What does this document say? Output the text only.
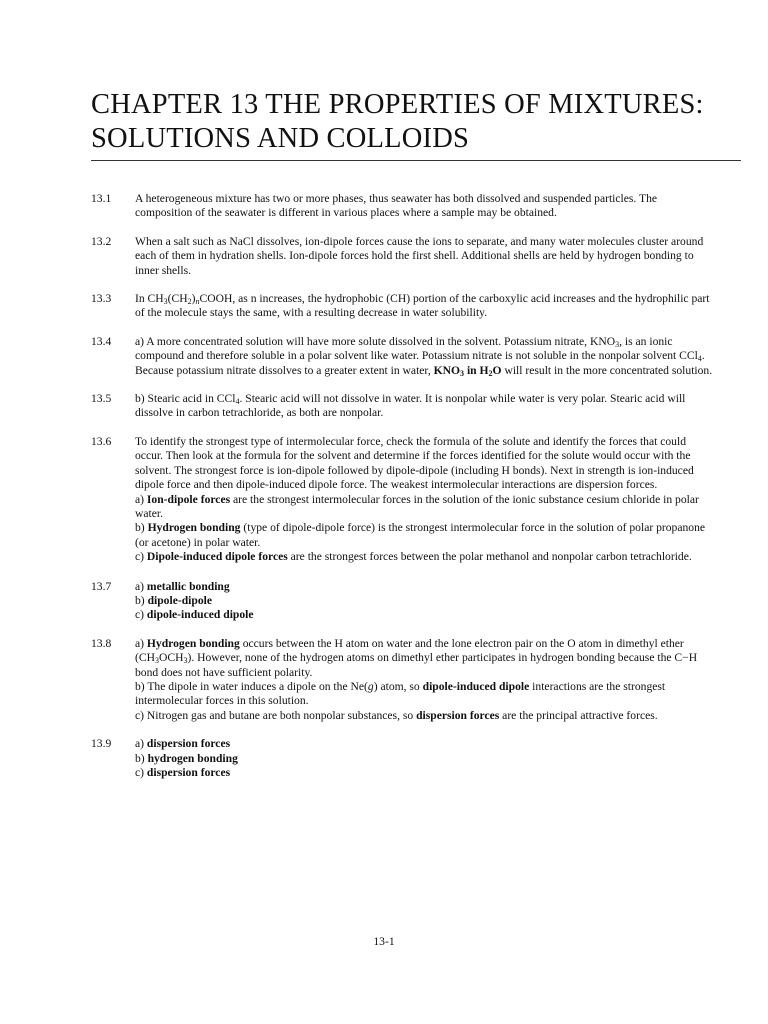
CHAPTER 13 THE PROPERTIES OF MIXTURES: SOLUTIONS AND COLLOIDS
13.1	A heterogeneous mixture has two or more phases, thus seawater has both dissolved and suspended particles. The composition of the seawater is different in various places where a sample may be obtained.

13.2	When a salt such as NaCl dissolves, ion-dipole forces cause the ions to separate, and many water molecules cluster around each of them in hydration shells. Ion-dipole forces hold the first shell. Additional shells are held by hydrogen bonding to inner shells.

13.3	In $CH_3(CH_2)_nCOOH$, as n increases, the hydrophobic (CH) portion of the carboxylic acid increases and the hydrophilic part of the molecule stays the same, with a resulting decrease in water solubility.

13.4	a) A more concentrated solution will have more solute dissolved in the solvent. Potassium nitrate, $KNO_3$, is an ionic compound and therefore soluble in a polar solvent like water. Potassium nitrate is not soluble in the nonpolar solvent CCl$_4$. Because potassium nitrate dissolves to a greater extent in water, $KNO_3$ in $H_2O$ will result in the more concentrated solution.

13.5	b) Stearic acid in CCl$_4$. Stearic acid will not dissolve in water. It is nonpolar while water is very polar. Stearic acid will dissolve in carbon tetrachloride, as both are nonpolar.

13.6	To identify the strongest type of intermolecular force, check the formula of the solute and identify the forces that could occur. Then look at the formula for the solvent and determine if the forces identified for the solute would occur with the solvent. The strongest force is ion-dipole followed by dipole-dipole (including H bonds). Next in strength is ion-induced dipole force and then dipole-induced dipole force. The weakest intermolecular interactions are dispersion forces.

a) Ion-dipole forces are the strongest intermolecular forces in the solution of the ionic substance cesium chloride in polar water.

b) Hydrogen bonding (type of dipole-dipole force) is the strongest intermolecular force in the solution of polar propanone (or acetone) in polar water.

c) Dipole-induced dipole forces are the strongest forces between the polar methanol and nonpolar carbon tetrachloride.

13.7	a) metallic bonding

b) dipole-dipole

c) dipole-induced dipole

13.8	a) Hydrogen bonding occurs between the H atom on water and the lone electron pair on the O atom in dimethyl ether $(CH_3OCH_3)$. However, none of the hydrogen atoms on dimethyl ether participates in hydrogen bonding because the C−H bond does not have sufficient polarity.

b) The dipole in water induces a dipole on the Ne(g) atom, so dipole-induced dipole interactions are the strongest intermolecular forces in this solution.

c) Nitrogen gas and butane are both nonpolar substances, so dispersion forces are the principal attractive forces.

13.9	a) dispersion forces

b) hydrogen bonding

c) dispersion forces

13-1
